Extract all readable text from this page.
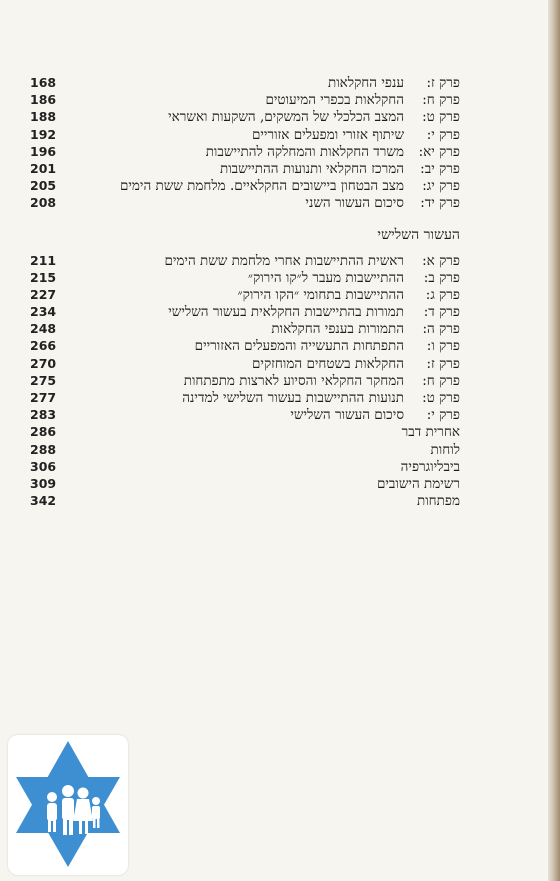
פרק ז:
ענפי החקלאות
168
פרק ח:
החקלאות בכפרי המיעוטים
186
פרק ט:
המצב הכלכלי של המשקים, השקעות ואשראי
188
פרק י:
שיתוף אזורי ומפעלים אזוריים
192
פרק יא:
משרד החקלאות והמחלקה להתיישבות
196
פרק יב:
המרכז החקלאי ותנועות ההתיישבות
201
פרק יג:
מצב הבטחון ביישובים החקלאיים. מלחמת ששת הימים
205
פרק יד:
סיכום העשור השני
208
העשור השלישי
פרק א:
ראשית ההתיישבות אחרי מלחמת ששת הימים
211
פרק ב:
ההתיישבות מעבר ל״קו הירוק״
215
פרק ג:
ההתיישבות בתחומי ״הקו הירוק״
227
פרק ד:
תמורות בהתיישבות החקלאית בעשור השלישי
234
פרק ה:
התמורות בענפי החקלאות
248
פרק ו:
התפתחות התעשייה והמפעלים האזוריים
266
פרק ז:
החקלאות בשטחים המוחזקים
270
פרק ח:
המחקר החקלאי והסיוע לארצות מתפתחות
275
פרק ט:
תנועות ההתיישבות בעשור השלישי למדינה
277
פרק י:
סיכום העשור השלישי
283
אחרית דבר
286
לוחות
288
ביבליוגרפיה
306
רשימת הישובים
309
מפתחות
342
